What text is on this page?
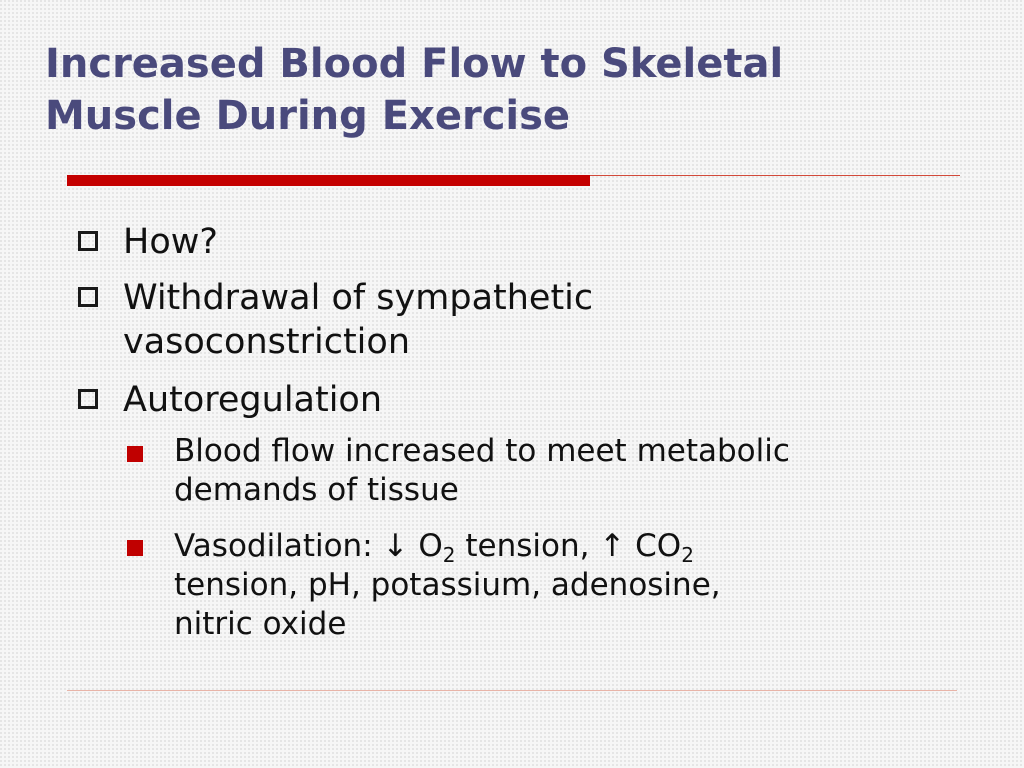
Increased Blood Flow to Skeletal
Muscle During Exercise
How?
Withdrawal of sympathetic
vasoconstriction
Autoregulation
Blood flow increased to meet metabolic
demands of tissue
Vasodilation: ↓ $O_2$ tension, ↑ $CO_2$
tension, pH, potassium, adenosine,
nitric oxide
